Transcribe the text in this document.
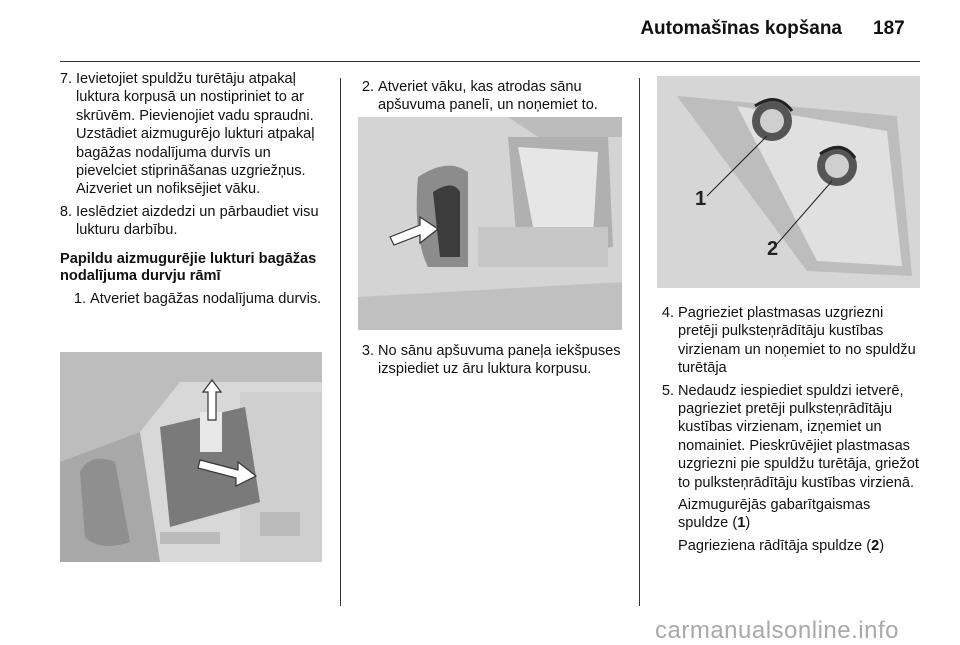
Automašīnas kopšana 187
7. Ievietojiet spuldžu turētāju atpakaļ luktura korpusā un nostipriniet to ar skrūvēm. Pievienojiet vadu spraudni. Uzstādiet aizmugurējo lukturi atpakaļ bagāžas nodalījuma durvīs un pievelciet stiprināšanas uzgriežņus. Aizveriet un nofiksējiet vāku.
8. Ieslēdziet aizdedzi un pārbaudiet visu lukturu darbību.
Papildu aizmugurējie lukturi bagāžas nodalījuma durvju rāmī
1. Atveriet bagāžas nodalījuma durvis.
2. Atveriet vāku, kas atrodas sānu apšuvuma panelī, un noņemiet to.
3. No sānu apšuvuma paneļa iekšpuses izspiediet uz āru luktura korpusu.
1
2
4. Pagrieziet plastmasas uzgriezni pretēji pulksteņrādītāju kustības virzienam un noņemiet to no spuldžu turētāja
5. Nedaudz iespiediet spuldzi ietverē, pagrieziet pretēji pulksteņrādītāju kustības virzienam, izņemiet un nomainiet. Pieskrūvējiet plastmasas uzgriezni pie spuldžu turētāja, griežot to pulksteņrādītāju kustības virzienā.
Aizmugurējās gabarītgaismas spuldze (1)
Pagrieziena rādītāja spuldze (2)
carmanualsonline.info
